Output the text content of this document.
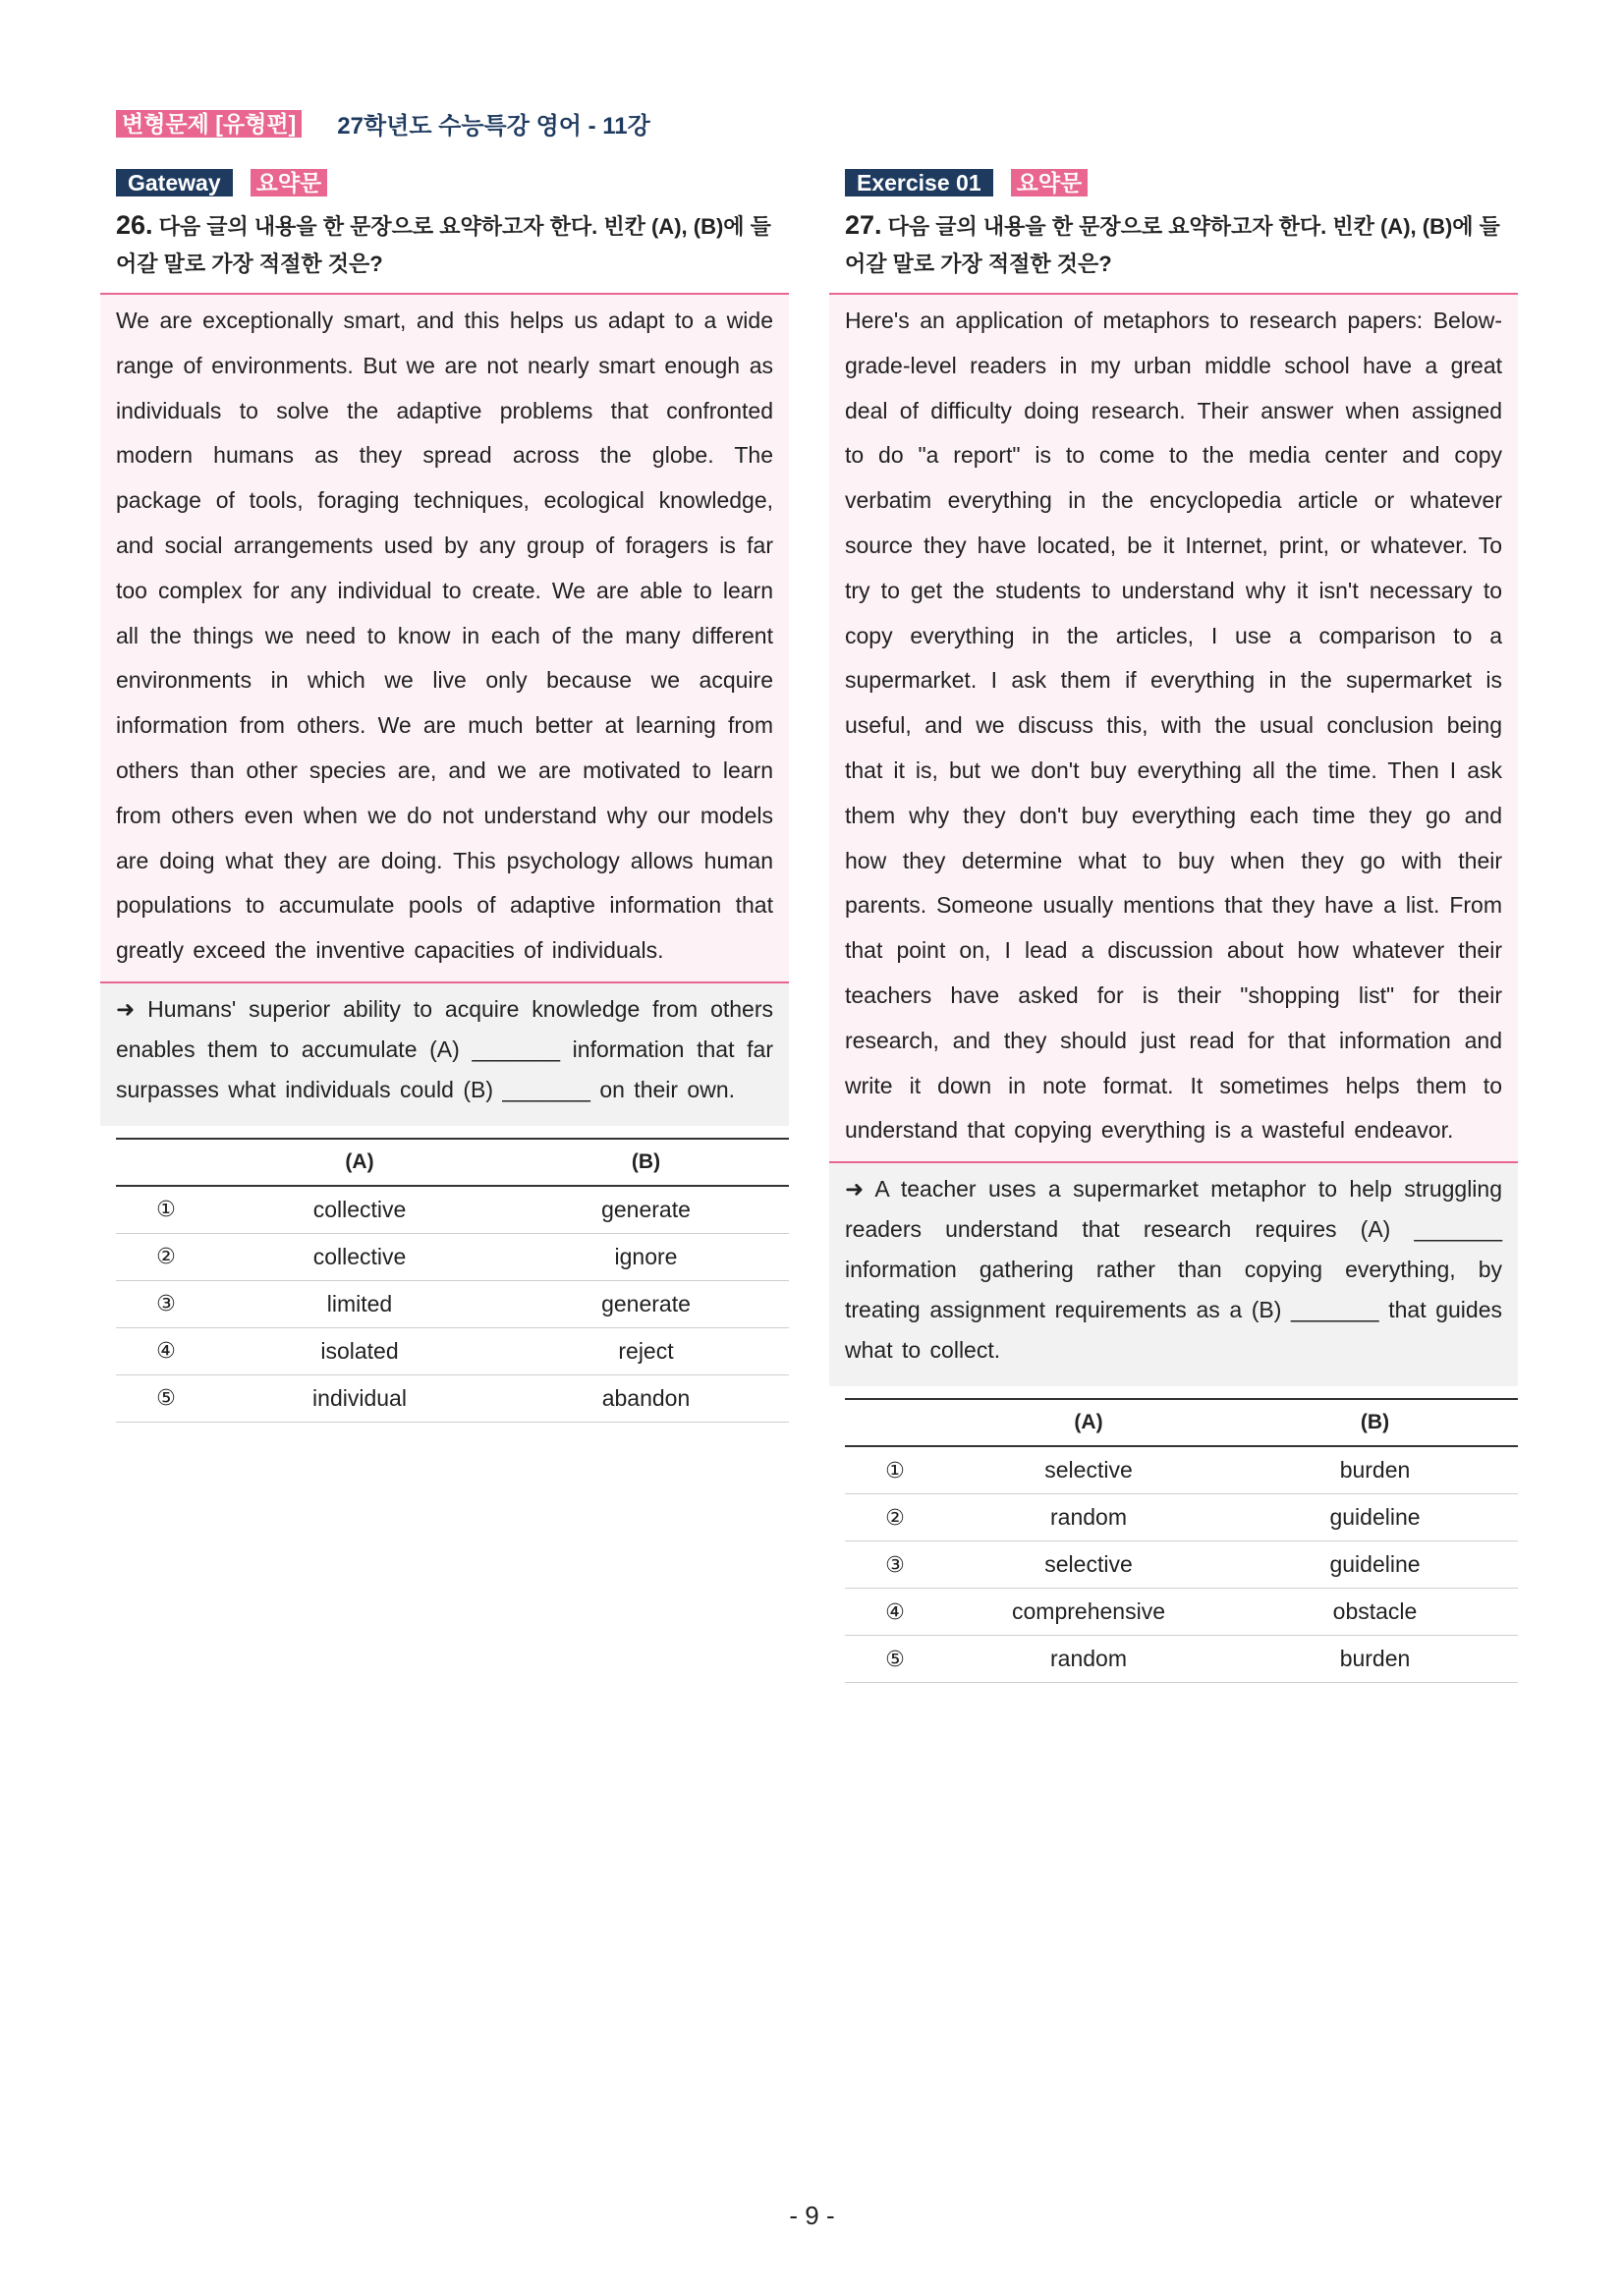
변형문제 [유형편] 27학년도 수능특강 영어 - 11강
Gateway	요약문
26. 다음 글의 내용을 한 문장으로 요약하고자 한다. 빈칸 (A), (B)에 들어갈 말로 가장 적절한 것은?
We are exceptionally smart, and this helps us adapt to a wide range of environments. But we are not nearly smart enough as individuals to solve the adaptive problems that confronted modern humans as they spread across the globe. The package of tools, foraging techniques, ecological knowledge, and social arrangements used by any group of foragers is far too complex for any individual to create. We are able to learn all the things we need to know in each of the many different environments in which we live only because we acquire information from others. We are much better at learning from others than other species are, and we are motivated to learn from others even when we do not understand why our models are doing what they are doing. This psychology allows human populations to accumulate pools of adaptive information that greatly exceed the inventive capacities of individuals.
➜ Humans' superior ability to acquire knowledge from others enables them to accumulate (A) _______ information that far surpasses what individuals could (B) _______ on their own.
	(A)	(B)
①	collective	generate
②	collective	ignore
③	limited	generate
④	isolated	reject
⑤	individual	abandon
Exercise 01	요약문
27. 다음 글의 내용을 한 문장으로 요약하고자 한다. 빈칸 (A), (B)에 들어갈 말로 가장 적절한 것은?
Here's an application of metaphors to research papers: Below-grade-level readers in my urban middle school have a great deal of difficulty doing research. Their answer when assigned to do "a report" is to come to the media center and copy verbatim everything in the encyclopedia article or whatever source they have located, be it Internet, print, or whatever. To try to get the students to understand why it isn't necessary to copy everything in the articles, I use a comparison to a supermarket. I ask them if everything in the supermarket is useful, and we discuss this, with the usual conclusion being that it is, but we don't buy everything all the time. Then I ask them why they don't buy everything each time they go and how they determine what to buy when they go with their parents. Someone usually mentions that they have a list. From that point on, I lead a discussion about how whatever their teachers have asked for is their "shopping list" for their research, and they should just read for that information and write it down in note format. It sometimes helps them to understand that copying everything is a wasteful endeavor.
➜ A teacher uses a supermarket metaphor to help struggling readers understand that research requires (A) _______ information gathering rather than copying everything, by treating assignment requirements as a (B) _______ that guides what to collect.
	(A)	(B)
①	selective	burden
②	random	guideline
③	selective	guideline
④	comprehensive	obstacle
⑤	random	burden
- 9 -
